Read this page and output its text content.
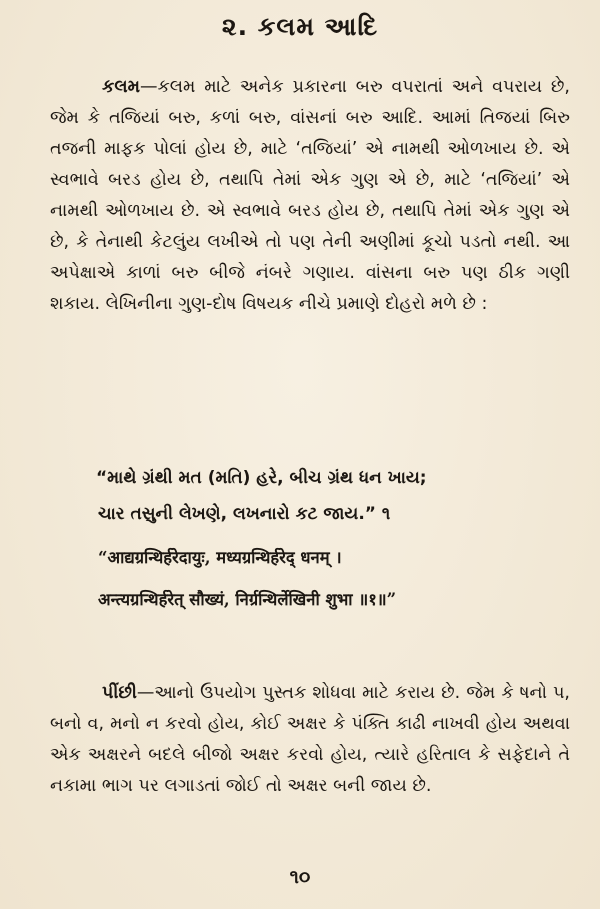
૨. કલમ આદિ
કલમ—કલમ માટે અનેક પ્રકારના બરુ વપરાતાં અને વપરાય છે, જેમ કે તજિયાં બરુ, કળાં બરુ, વાંસનાં બરુ આદિ. આમાં તિજયાં બિરુ તજની માફક પોલાં હોય છે, માટે ‘તજિયાં’ એ નામથી ઓળખાય છે. એ સ્વભાવે બરડ હોય છે, તથાપિ તેમાં એક ગુણ એ છે, માટે ‘તજિયાં’ એ નામથી ઓળખાય છે. એ સ્વભાવે બરડ હોય છે, તથાપિ તેમાં એક ગુણ એ છે, કે તેનાથી કેટલુંય લખીએ તો પણ તેની અણીમાં કૂચો પડતો નથી. આ અપેક્ષાએ કાળાં બરુ બીજે નંબરે ગણાય. વાંસના બરુ પણ ઠીક ગણી શકાય. લેખિનીના ગુણ-દોષ વિષયક નીચે પ્રમાણે દોહરો મળે છે :
“માથે ગ્રંથી મત (મતિ) હરે, બીચ ગ્રંથ ધન ખાય;
ચાર તસુની લેખણે, લખનારો કટ જાય.” ૧
“आद्यग्रन्थिर्हरेदायुः, मध्यग्रन्थिर्हरेद् धनम् ।
अन्त्यग्रन्थिर्हरेत् सौख्यं, निर्ग्रन्थिर्लेखिनी शुभा ॥१॥”
પીંછી—આનો ઉપયોગ પુસ્તક શોધવા માટે કરાય છે. જેમ કે ષનો પ, બનો વ, મનો ન કરવો હોય, કોઈ અક્ષર કે પંક્તિ કાઢી નાખવી હોય અથવા એક અક્ષરને બદલે બીજો અક્ષર કરવો હોય, ત્યારે હરિતાલ કે સફેદાને તે નકામા ભાગ પર લગાડતાં જોઈ તો અક્ષર બની જાય છે.
૧૦
